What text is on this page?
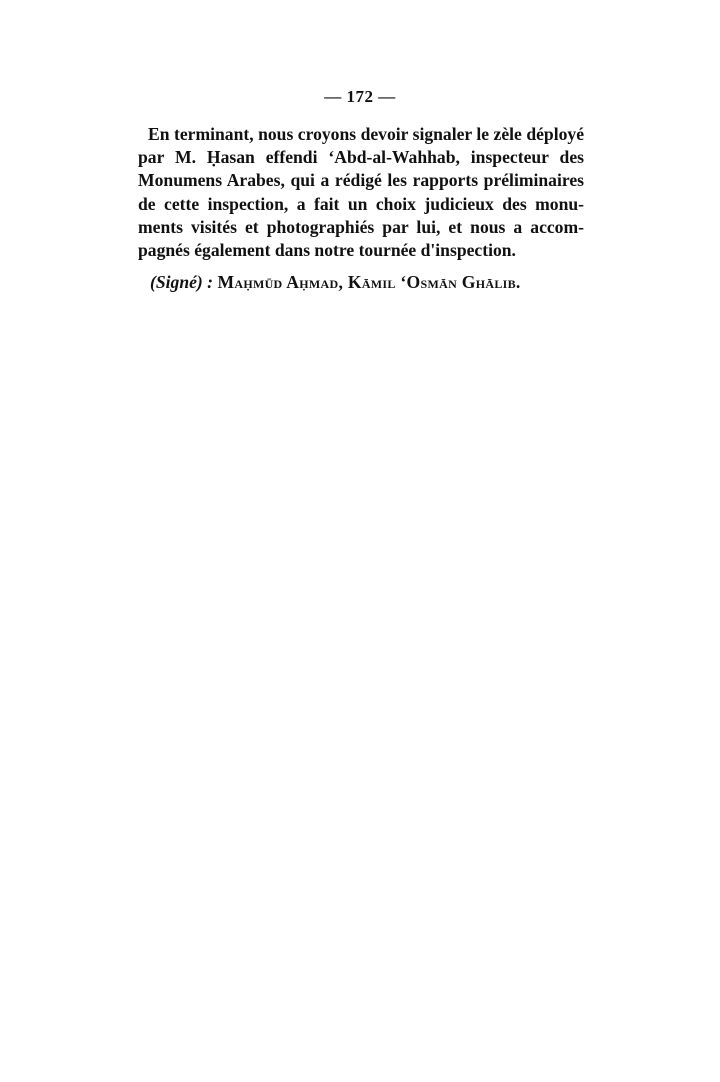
— 172 —
En terminant, nous croyons devoir signaler le zèle déployé
par M. Ḥasan effendi ʻAbd-al-Wahhab, inspecteur des
Monumens Arabes, qui a rédigé les rapports préliminaires
de cette inspection, a fait un choix judicieux des monu-
ments visités et photographiés par lui, et nous a accom-
pagnés également dans notre tournée d'inspection.
(Signé) : Maḥmūd Aḥmad, Kāmil ʻOsmān Ghālib.
